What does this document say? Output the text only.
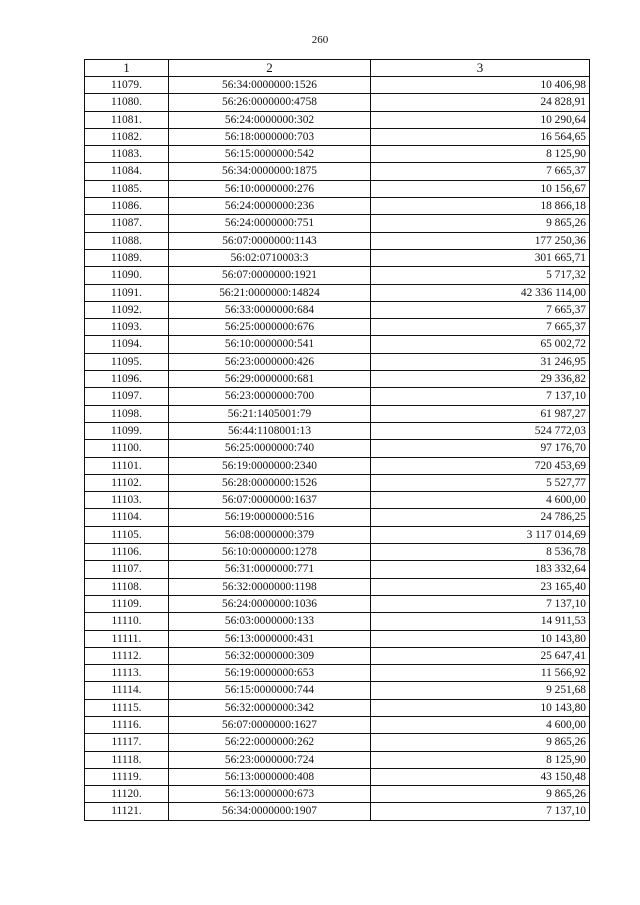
260
1	2	3
11079.	56:34:0000000:1526	10 406,98
11080.	56:26:0000000:4758	24 828,91
11081.	56:24:0000000:302	10 290,64
11082.	56:18:0000000:703	16 564,65
11083.	56:15:0000000:542	8 125,90
11084.	56:34:0000000:1875	7 665,37
11085.	56:10:0000000:276	10 156,67
11086.	56:24:0000000:236	18 866,18
11087.	56:24:0000000:751	9 865,26
11088.	56:07:0000000:1143	177 250,36
11089.	56:02:0710003:3	301 665,71
11090.	56:07:0000000:1921	5 717,32
11091.	56:21:0000000:14824	42 336 114,00
11092.	56:33:0000000:684	7 665,37
11093.	56:25:0000000:676	7 665,37
11094.	56:10:0000000:541	65 002,72
11095.	56:23:0000000:426	31 246,95
11096.	56:29:0000000:681	29 336,82
11097.	56:23:0000000:700	7 137,10
11098.	56:21:1405001:79	61 987,27
11099.	56:44:1108001:13	524 772,03
11100.	56:25:0000000:740	97 176,70
11101.	56:19:0000000:2340	720 453,69
11102.	56:28:0000000:1526	5 527,77
11103.	56:07:0000000:1637	4 600,00
11104.	56:19:0000000:516	24 786,25
11105.	56:08:0000000:379	3 117 014,69
11106.	56:10:0000000:1278	8 536,78
11107.	56:31:0000000:771	183 332,64
11108.	56:32:0000000:1198	23 165,40
11109.	56:24:0000000:1036	7 137,10
11110.	56:03:0000000:133	14 911,53
11111.	56:13:0000000:431	10 143,80
11112.	56:32:0000000:309	25 647,41
11113.	56:19:0000000:653	11 566,92
11114.	56:15:0000000:744	9 251,68
11115.	56:32:0000000:342	10 143,80
11116.	56:07:0000000:1627	4 600,00
11117.	56:22:0000000:262	9 865,26
11118.	56:23:0000000:724	8 125,90
11119.	56:13:0000000:408	43 150,48
11120.	56:13:0000000:673	9 865,26
11121.	56:34:0000000:1907	7 137,10
